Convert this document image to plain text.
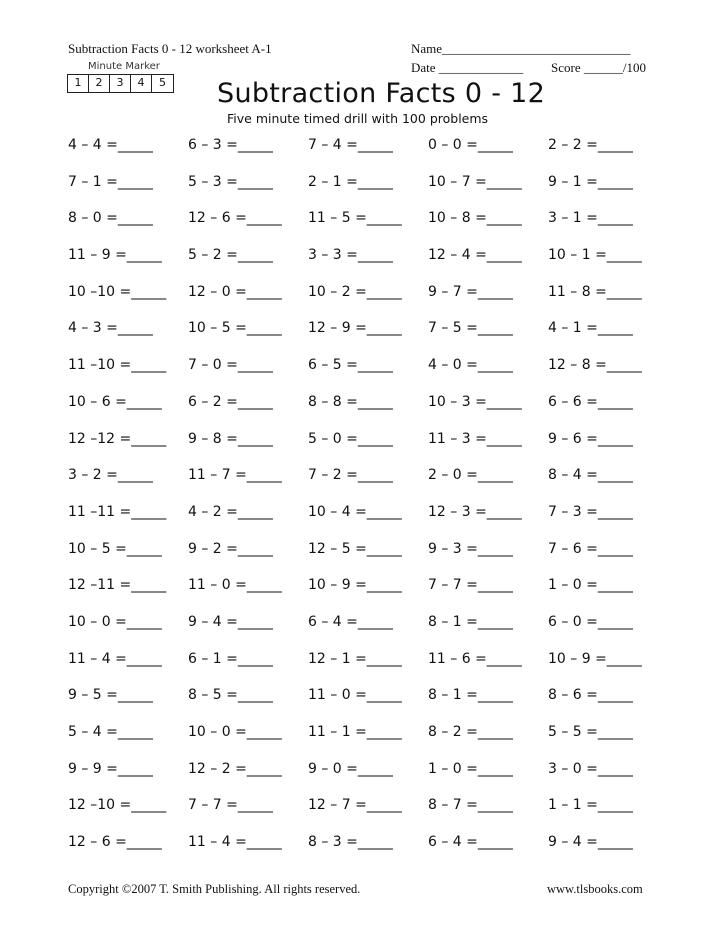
Subtraction Facts 0 - 12 worksheet A-1	Name_____________________________
Date _____________ Score ______/100
Minute Marker
1	2	3	4	5 Subtraction Facts 0 - 12
Five minute timed drill with 100 problems
4 – 4 =_____	6 – 3 =_____	7 – 4 =_____	0 – 0 =_____	2 – 2 =_____
7 – 1 =_____	5 – 3 =_____	2 – 1 =_____	10 – 7 =_____	9 – 1 =_____
8 – 0 =_____	12 – 6 =_____	11 – 5 =_____	10 – 8 =_____	3 – 1 =_____
11 – 9 =_____	5 – 2 =_____	3 – 3 =_____	12 – 4 =_____	10 – 1 =_____
10 –10 =_____	12 – 0 =_____	10 – 2 =_____	9 – 7 =_____	11 – 8 =_____
4 – 3 =_____	10 – 5 =_____	12 – 9 =_____	7 – 5 =_____	4 – 1 =_____
11 –10 =_____	7 – 0 =_____	6 – 5 =_____	4 – 0 =_____	12 – 8 =_____
10 – 6 =_____	6 – 2 =_____	8 – 8 =_____	10 – 3 =_____	6 – 6 =_____
12 –12 =_____	9 – 8 =_____	5 – 0 =_____	11 – 3 =_____	9 – 6 =_____
3 – 2 =_____	11 – 7 =_____	7 – 2 =_____	2 – 0 =_____	8 – 4 =_____
11 –11 =_____	4 – 2 =_____	10 – 4 =_____	12 – 3 =_____	7 – 3 =_____
10 – 5 =_____	9 – 2 =_____	12 – 5 =_____	9 – 3 =_____	7 – 6 =_____
12 –11 =_____	11 – 0 =_____	10 – 9 =_____	7 – 7 =_____	1 – 0 =_____
10 – 0 =_____	9 – 4 =_____	6 – 4 =_____	8 – 1 =_____	6 – 0 =_____
11 – 4 =_____	6 – 1 =_____	12 – 1 =_____	11 – 6 =_____	10 – 9 =_____
9 – 5 =_____	8 – 5 =_____	11 – 0 =_____	8 – 1 =_____	8 – 6 =_____
5 – 4 =_____	10 – 0 =_____	11 – 1 =_____	8 – 2 =_____	5 – 5 =_____
9 – 9 =_____	12 – 2 =_____	9 – 0 =_____	1 – 0 =_____	3 – 0 =_____
12 –10 =_____	7 – 7 =_____	12 – 7 =_____	8 – 7 =_____	1 – 1 =_____
12 – 6 =_____	11 – 4 =_____	8 – 3 =_____	6 – 4 =_____	9 – 4 =_____
Copyright ©2007 T. Smith Publishing. All rights reserved.	www.tlsbooks.com
